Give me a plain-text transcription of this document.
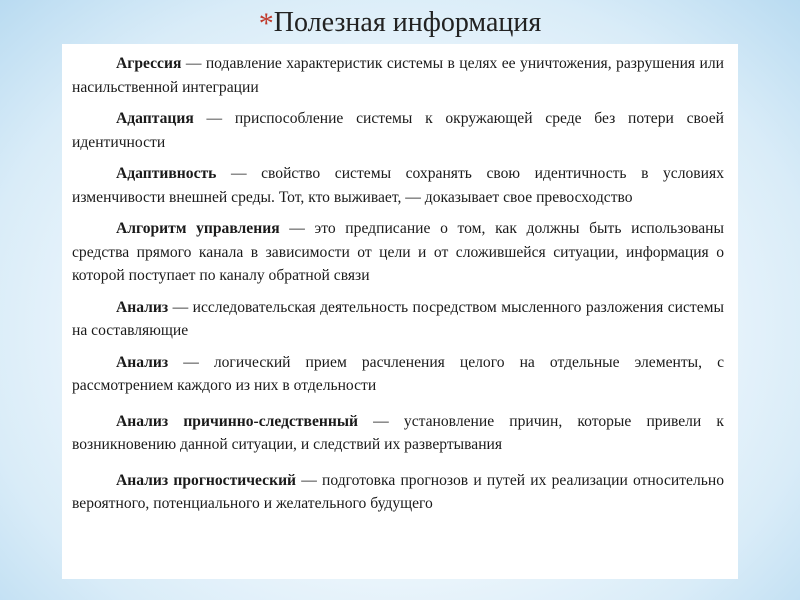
*Полезная информация

Агрессия — подавление характеристик системы в целях ее уничтожения, разрушения или насильственной интеграции

Адаптация — приспособление системы к окружающей среде без потери своей идентичности

Адаптивность — свойство системы сохранять свою идентичность в условиях изменчивости внешней среды. Тот, кто выживает, — доказывает свое превосходство

Алгоритм управления — это предписание о том, как должны быть использованы средства прямого канала в зависимости от цели и от сложившейся ситуации, информация о которой поступает по каналу обратной связи

Анализ — исследовательская деятельность посредством мысленного разложения системы на составляющие

Анализ — логический прием расчленения целого на отдельные элементы, с рассмотрением каждого из них в отдельности

Анализ причинно-следственный — установление причин, которые привели к возникновению данной ситуации, и следствий их развертывания

Анализ прогностический — подготовка прогнозов и путей их реализации относительно вероятного, потенциального и желательного будущего
